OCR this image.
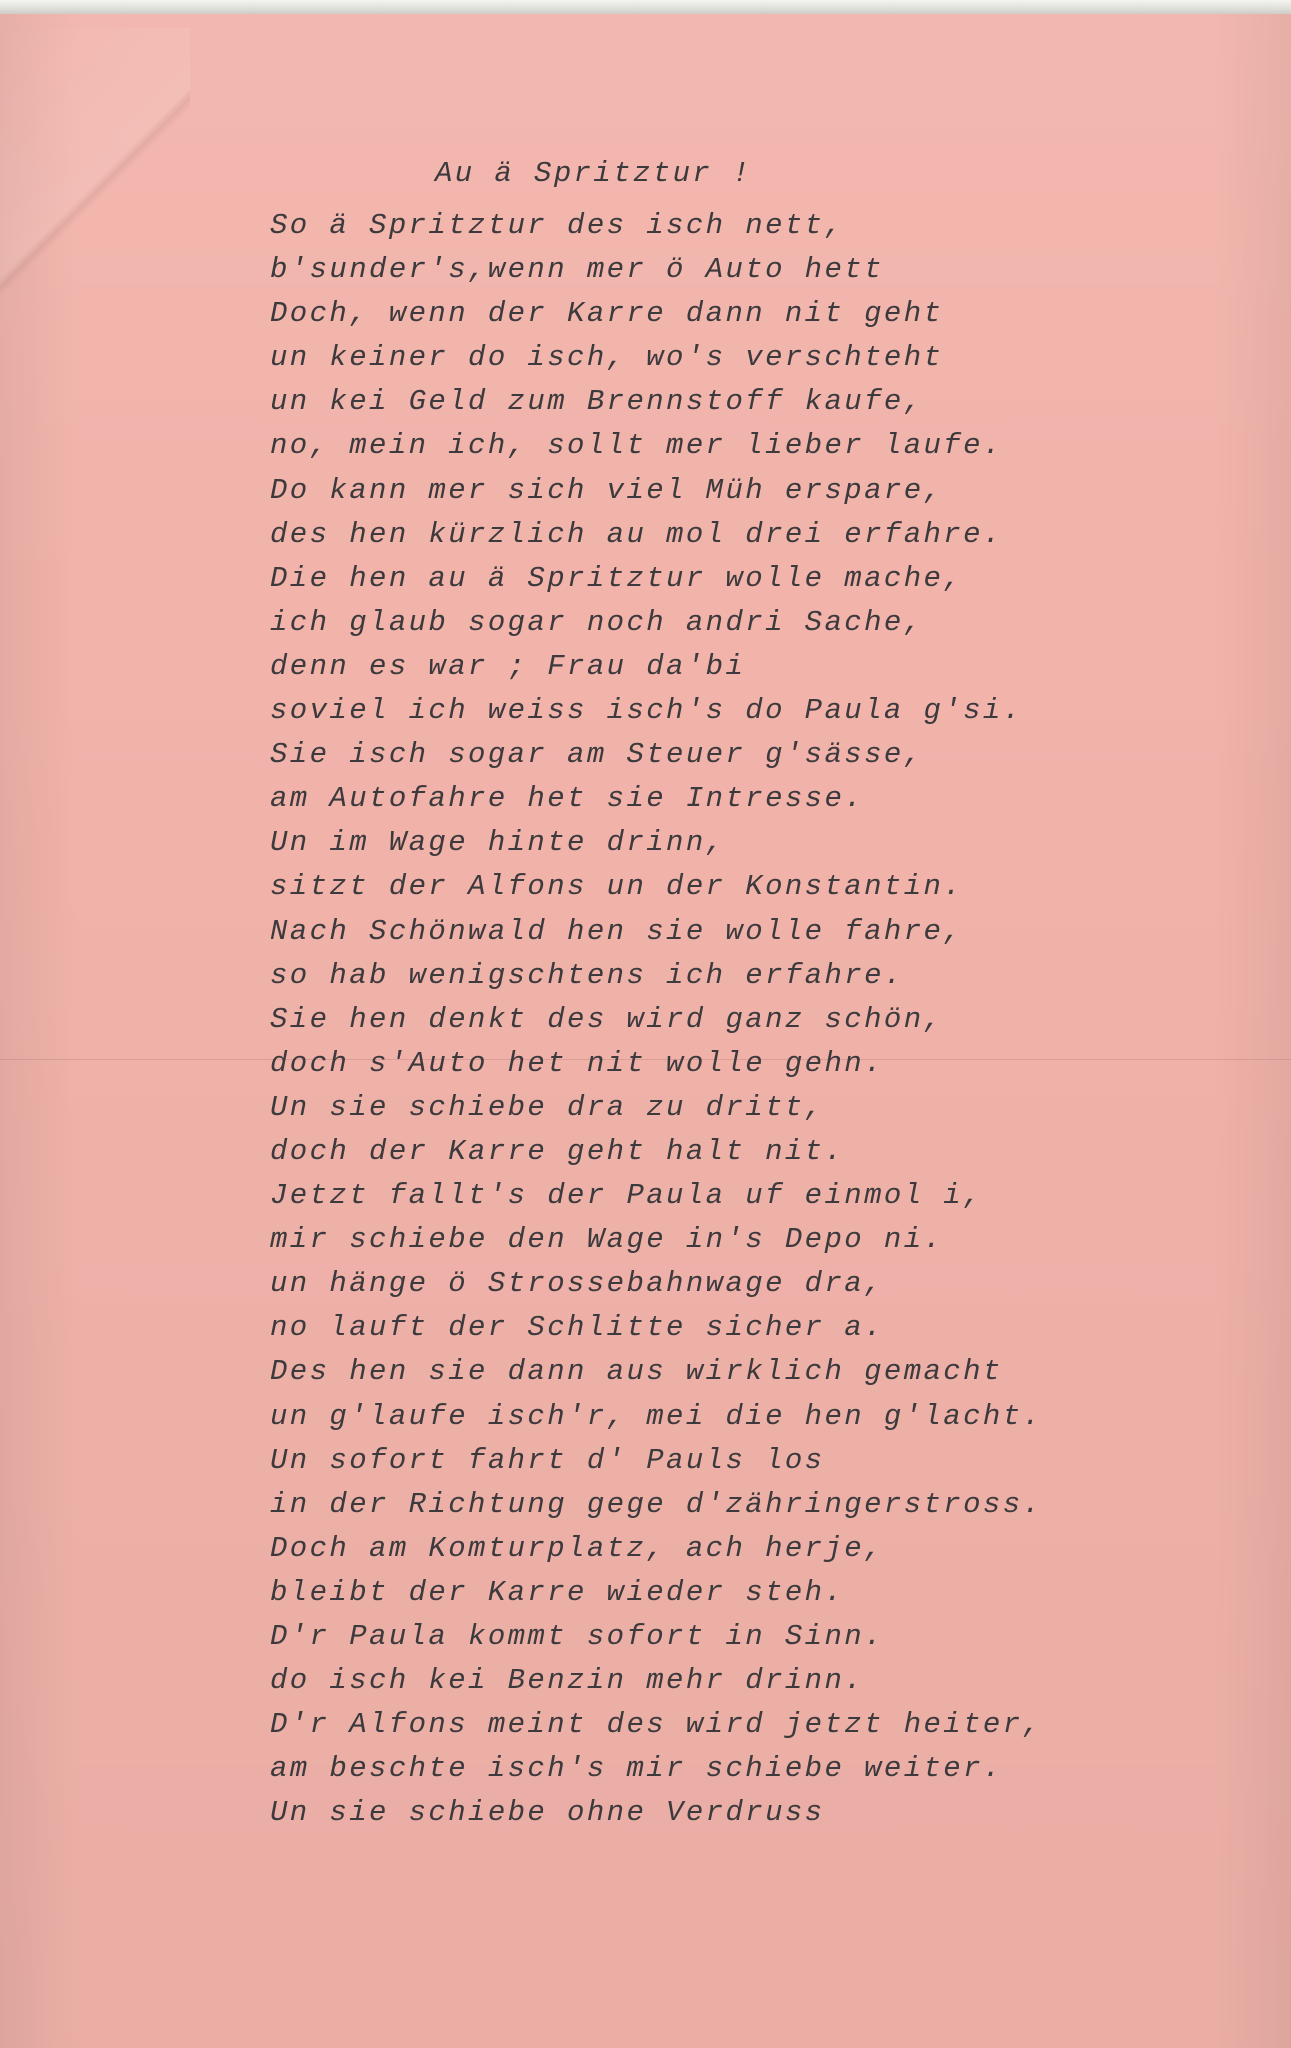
Au ä Spritztur !
So ä Spritztur des isch nett,
b'sunder's,wenn mer ö Auto hett
Doch, wenn der Karre dann nit geht
un keiner do isch, wo's verschteht
un kei Geld zum Brennstoff kaufe,
no, mein ich, sollt mer lieber laufe.
Do kann mer sich viel Müh erspare,
des hen kürzlich au mol drei erfahre.
Die hen au ä Spritztur wolle mache,
ich glaub sogar noch andri Sache,
denn es war ; Frau da'bi
soviel ich weiss isch's do Paula g'si.
Sie isch sogar am Steuer g'sässe,
am Autofahre het sie Intresse.
Un im Wage hinte drinn,
sitzt der Alfons un der Konstantin.
Nach Schönwald hen sie wolle fahre,
so hab wenigschtens ich erfahre.
Sie hen denkt des wird ganz schön,
doch s'Auto het nit wolle gehn.
Un sie schiebe dra zu dritt,
doch der Karre geht halt nit.
Jetzt fallt's der Paula uf einmol i,
mir schiebe den Wage in's Depo ni.
un hänge ö Strossebahnwage dra,
no lauft der Schlitte sicher a.
Des hen sie dann aus wirklich gemacht
un g'laufe isch'r, mei die hen g'lacht.
Un sofort fahrt d' Pauls los
in der Richtung gege d'zähringerstross.
Doch am Komturplatz, ach herje,
bleibt der Karre wieder steh.
D'r Paula kommt sofort in Sinn.
do isch kei Benzin mehr drinn.
D'r Alfons meint des wird jetzt heiter,
am beschte isch's mir schiebe weiter.
Un sie schiebe ohne Verdruss
